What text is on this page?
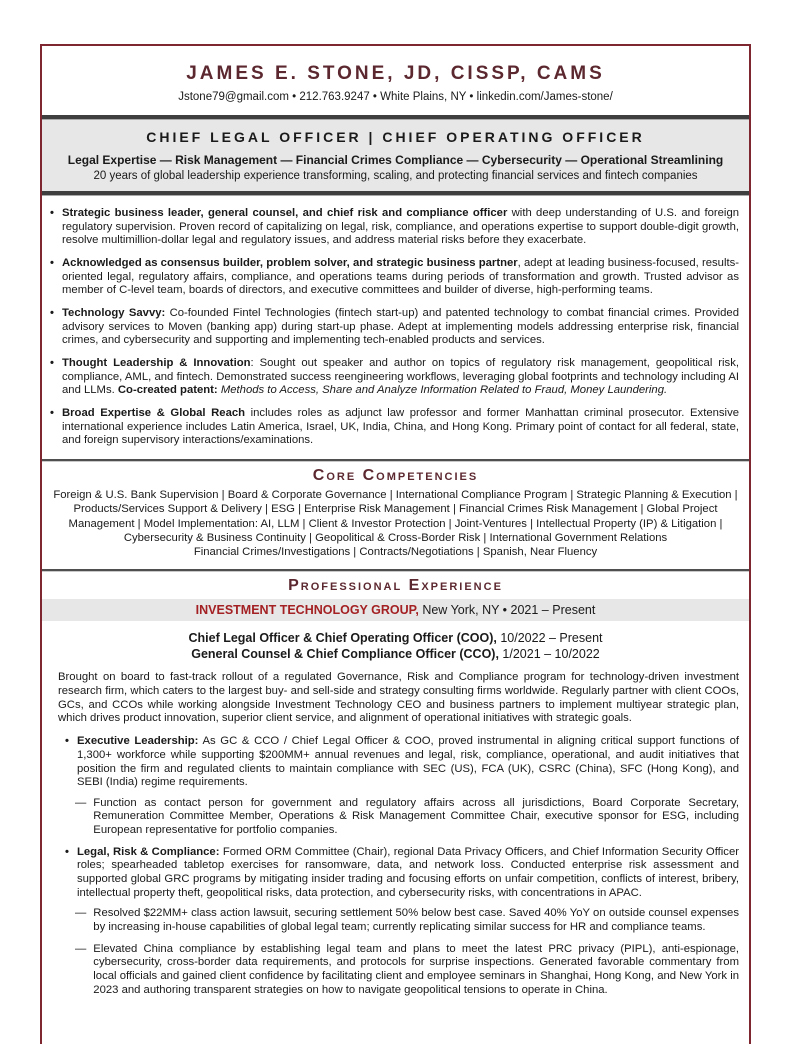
JAMES E. STONE, JD, CISSP, CAMS
Jstone79@gmail.com • 212.763.9247 • White Plains, NY • linkedin.com/James-stone/
CHIEF LEGAL OFFICER | CHIEF OPERATING OFFICER
Legal Expertise — Risk Management — Financial Crimes Compliance — Cybersecurity — Operational Streamlining
20 years of global leadership experience transforming, scaling, and protecting financial services and fintech companies
• Strategic business leader, general counsel, and chief risk and compliance officer with deep understanding of U.S. and foreign regulatory supervision. Proven record of capitalizing on legal, risk, compliance, and operations expertise to support double-digit growth, resolve multimillion-dollar legal and regulatory issues, and address material risks before they exacerbate.
• Acknowledged as consensus builder, problem solver, and strategic business partner, adept at leading business-focused, results-oriented legal, regulatory affairs, compliance, and operations teams during periods of transformation and growth. Trusted advisor as member of C-level team, boards of directors, and executive committees and builder of diverse, high-performing teams.
• Technology Savvy: Co-founded Fintel Technologies (fintech start-up) and patented technology to combat financial crimes. Provided advisory services to Moven (banking app) during start-up phase. Adept at implementing models addressing enterprise risk, financial crimes, and cybersecurity and supporting and implementing tech-enabled products and services.
• Thought Leadership & Innovation: Sought out speaker and author on topics of regulatory risk management, geopolitical risk, compliance, AML, and fintech. Demonstrated success reengineering workflows, leveraging global footprints and technology including AI and LLMs. Co-created patent: Methods to Access, Share and Analyze Information Related to Fraud, Money Laundering.
• Broad Expertise & Global Reach includes roles as adjunct law professor and former Manhattan criminal prosecutor. Extensive international experience includes Latin America, Israel, UK, India, China, and Hong Kong. Primary point of contact for all federal, state, and foreign supervisory interactions/examinations.
Core Competencies
Foreign & U.S. Bank Supervision | Board & Corporate Governance | International Compliance Program | Strategic Planning & Execution | Products/Services Support & Delivery | ESG | Enterprise Risk Management | Financial Crimes Risk Management | Global Project Management | Model Implementation: AI, LLM | Client & Investor Protection | Joint-Ventures | Intellectual Property (IP) & Litigation | Cybersecurity & Business Continuity | Geopolitical & Cross-Border Risk | International Government Relations
Financial Crimes/Investigations | Contracts/Negotiations | Spanish, Near Fluency
Professional Experience
INVESTMENT TECHNOLOGY GROUP, New York, NY • 2021 – Present
Chief Legal Officer & Chief Operating Officer (COO), 10/2022 – Present
General Counsel & Chief Compliance Officer (CCO), 1/2021 – 10/2022

Brought on board to fast-track rollout of a regulated Governance, Risk and Compliance program for technology-driven investment research firm, which caters to the largest buy- and sell-side and strategy consulting firms worldwide. Regularly partner with client COOs, GCs, and CCOs while working alongside Investment Technology CEO and business partners to implement multiyear strategic plan, which drives product innovation, superior client service, and alignment of operational initiatives with strategic goals.

• Executive Leadership: As GC & CCO / Chief Legal Officer & COO, proved instrumental in aligning critical support functions of 1,300+ workforce while supporting $200MM+ annual revenues and legal, risk, compliance, operational, and audit initiatives that position the firm and regulated clients to maintain compliance with SEC (US), FCA (UK), CSRC (China), SFC (Hong Kong), and SEBI (India) regime requirements.
— Function as contact person for government and regulatory affairs across all jurisdictions, Board Corporate Secretary, Remuneration Committee Member, Operations & Risk Management Committee Chair, executive sponsor for ESG, including European representative for portfolio companies.
• Legal, Risk & Compliance: Formed ORM Committee (Chair), regional Data Privacy Officers, and Chief Information Security Officer roles; spearheaded tabletop exercises for ransomware, data, and network loss. Conducted enterprise risk assessment and supported global GRC programs by mitigating insider trading and focusing efforts on unfair competition, conflicts of interest, bribery, intellectual property theft, geopolitical risks, data protection, and cybersecurity risks, with concentrations in APAC.
— Resolved $22MM+ class action lawsuit, securing settlement 50% below best case. Saved 40% YoY on outside counsel expenses by increasing in-house capabilities of global legal team; currently replicating similar success for HR and compliance teams.
— Elevated China compliance by establishing legal team and plans to meet the latest PRC privacy (PIPL), anti-espionage, cybersecurity, cross-border data requirements, and protocols for surprise inspections. Generated favorable commentary from local officials and gained client confidence by facilitating client and employee seminars in Shanghai, Hong Kong, and New York in 2023 and authoring transparent strategies on how to navigate geopolitical tensions to operate in China.
